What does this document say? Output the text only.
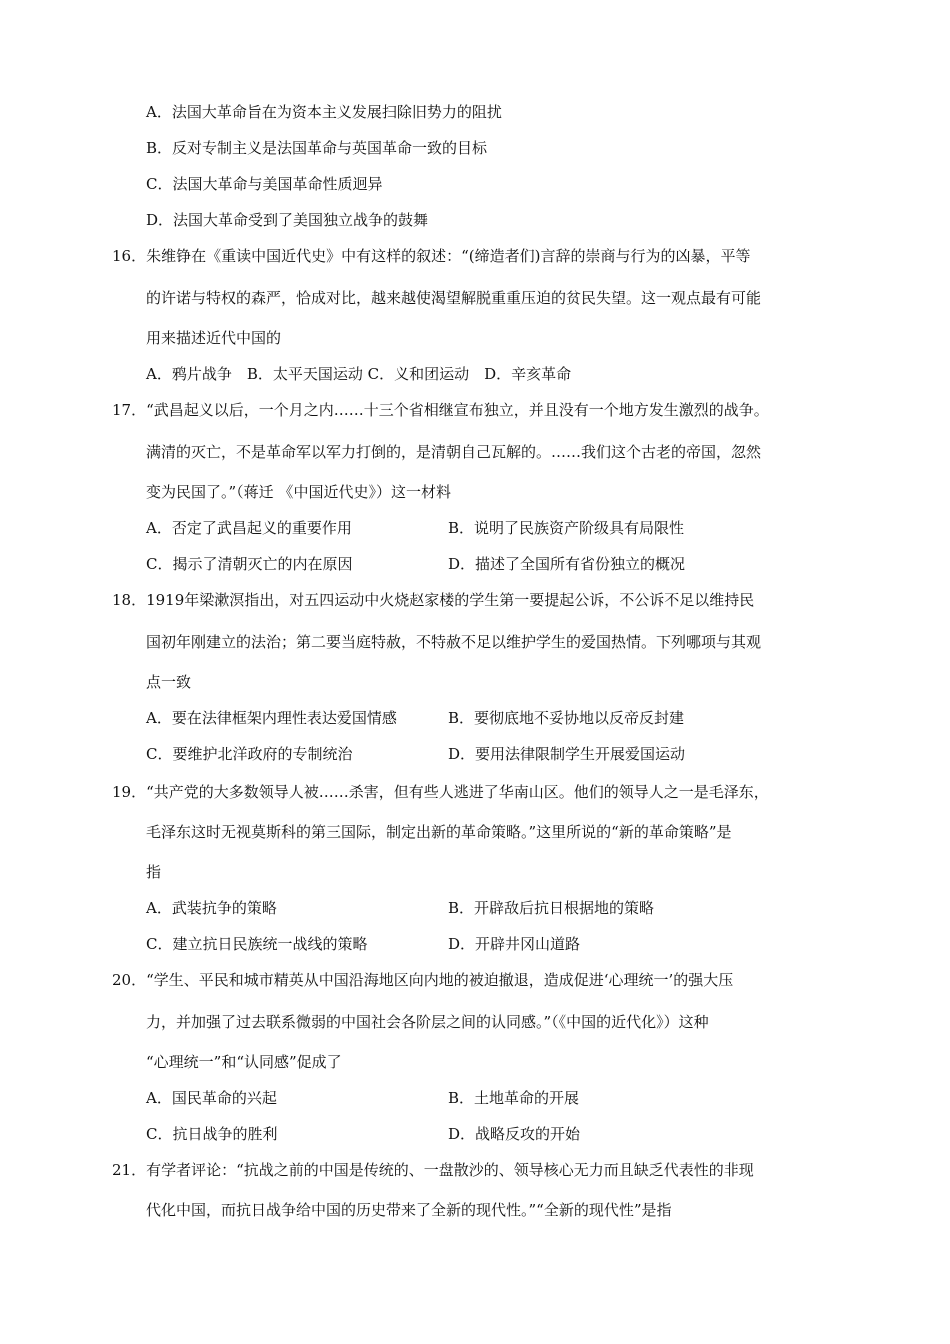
A．法国大革命旨在为资本主义发展扫除旧势力的阻扰
B．反对专制主义是法国革命与英国革命一致的目标
C．法国大革命与美国革命性质迥异
D．法国大革命受到了美国独立战争的鼓舞
16．朱维铮在《重读中国近代史》中有这样的叙述：“(缔造者们)言辞的崇商与行为的凶暴，平等
的许诺与特权的森严，恰成对比，越来越使渴望解脱重重压迫的贫民失望。这一观点最有可能
用来描述近代中国的
A．鸦片战争　B．太平天国运动 C．义和团运动　D．辛亥革命
17．“武昌起义以后，一个月之内……十三个省相继宣布独立，并且没有一个地方发生激烈的战争。
满清的灭亡，不是革命军以军力打倒的，是清朝自己瓦解的。……我们这个古老的帝国，忽然
变为民国了。”（蒋迁 《中国近代史》）这一材料
A．否定了武昌起义的重要作用	B．说明了民族资产阶级具有局限性
C．揭示了清朝灭亡的内在原因	D．描述了全国所有省份独立的概况
18．1919年梁漱溟指出，对五四运动中火烧赵家楼的学生第一要提起公诉，不公诉不足以维持民
国初年刚建立的法治；第二要当庭特赦，不特赦不足以维护学生的爱国热情。下列哪项与其观
点一致
A．要在法律框架内理性表达爱国情感	B．要彻底地不妥协地以反帝反封建
C．要维护北洋政府的专制统治	D．要用法律限制学生开展爱国运动
19．“共产党的大多数领导人被……杀害，但有些人逃进了华南山区。他们的领导人之一是毛泽东，
毛泽东这时无视莫斯科的第三国际，制定出新的革命策略。”这里所说的“新的革命策略”是
指
A．武装抗争的策略	B．开辟敌后抗日根据地的策略
C．建立抗日民族统一战线的策略	D．开辟井冈山道路
20．“学生、平民和城市精英从中国沿海地区向内地的被迫撤退，造成促进‘心理统一’的强大压
力，并加强了过去联系微弱的中国社会各阶层之间的认同感。”（《中国的近代化》）这种
“心理统一”和“认同感”促成了
A．国民革命的兴起	B．土地革命的开展
C．抗日战争的胜利	D．战略反攻的开始
21．有学者评论：“抗战之前的中国是传统的、一盘散沙的、领导核心无力而且缺乏代表性的非现
代化中国，而抗日战争给中国的历史带来了全新的现代性。”“全新的现代性”是指
